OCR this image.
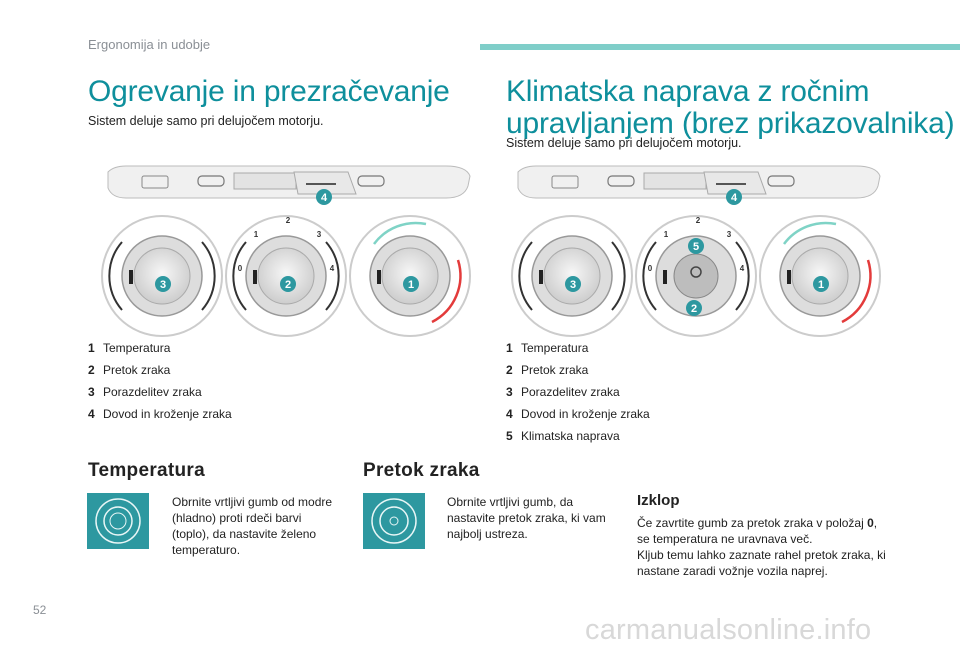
Ergonomija in udobje
Ogrevanje in prezračevanje
Sistem deluje samo pri delujočem motorju.
Klimatska naprava z ročnim
upravljanjem (brez prikazovalnika)
Sistem deluje samo pri delujočem motorju.
4
3	2	1
0
1
2
3
4
4
5
3
2
1
0
1
2
3
4
1 Temperatura
2 Pretok zraka
3 Porazdelitev zraka
4 Dovod in kroženje zraka
1 Temperatura
2 Pretok zraka
3 Porazdelitev zraka
4 Dovod in kroženje zraka
5 Klimatska naprava
Temperatura
Obrnite vrtljivi gumb od modre (hladno) proti rdeči barvi (toplo), da nastavite želeno temperaturo.
Pretok zraka
Obrnite vrtljivi gumb, da nastavite pretok zraka, ki vam najbolj ustreza.
Izklop
Če zavrtite gumb za pretok zraka v položaj 0,
se temperatura ne uravnava več.
Kljub temu lahko zaznate rahel pretok zraka, ki nastane zaradi vožnje vozila naprej.
52
carmanualsonline.info
